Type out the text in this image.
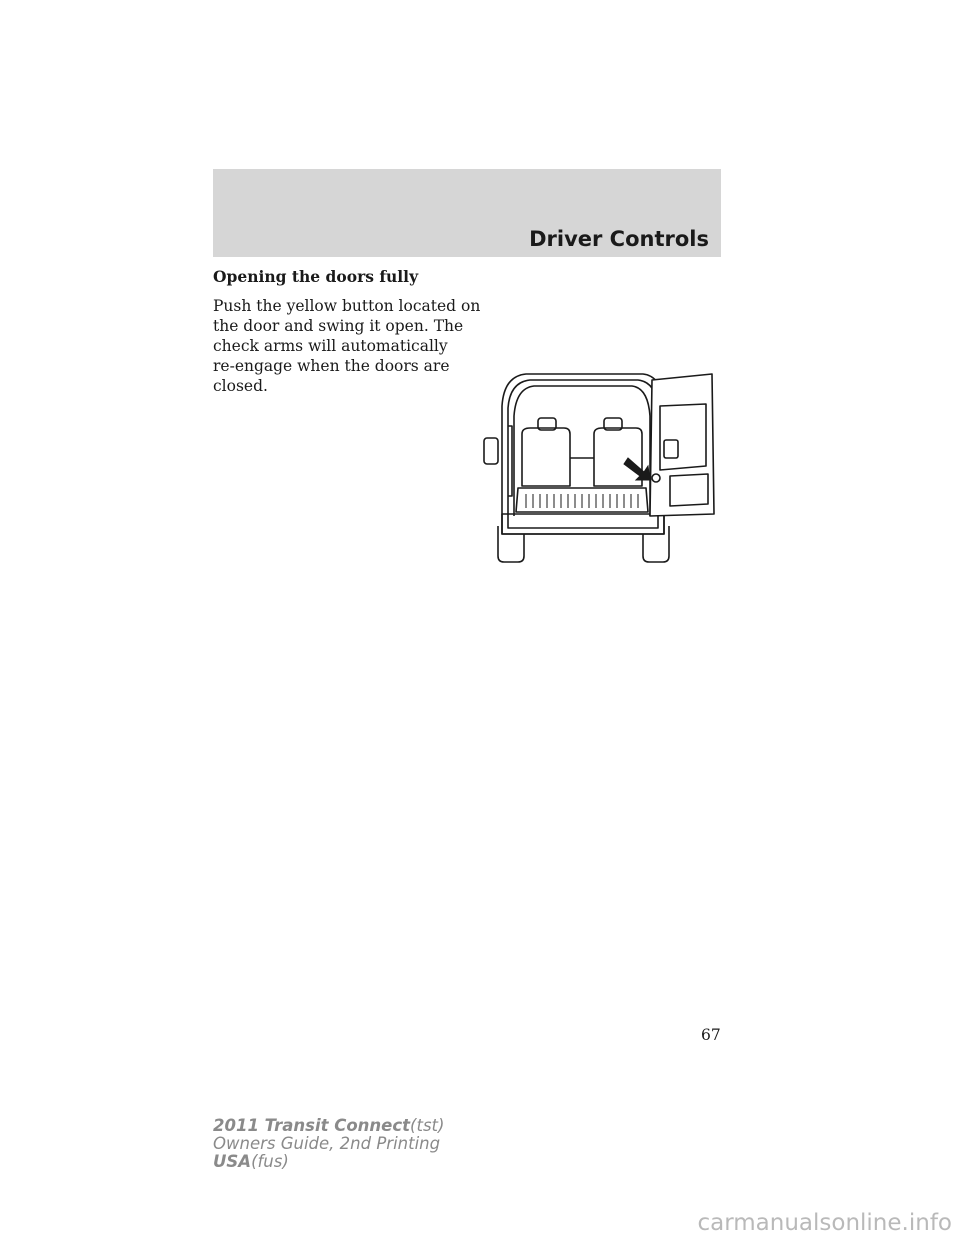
Driver Controls
Opening the doors fully
Push the yellow button located on
the door and swing it open. The
check arms will automatically
re-engage when the doors are
closed.
67
2011 Transit Connect(tst)
Owners Guide, 2nd Printing
USA(fus)
carmanualsonline.info
